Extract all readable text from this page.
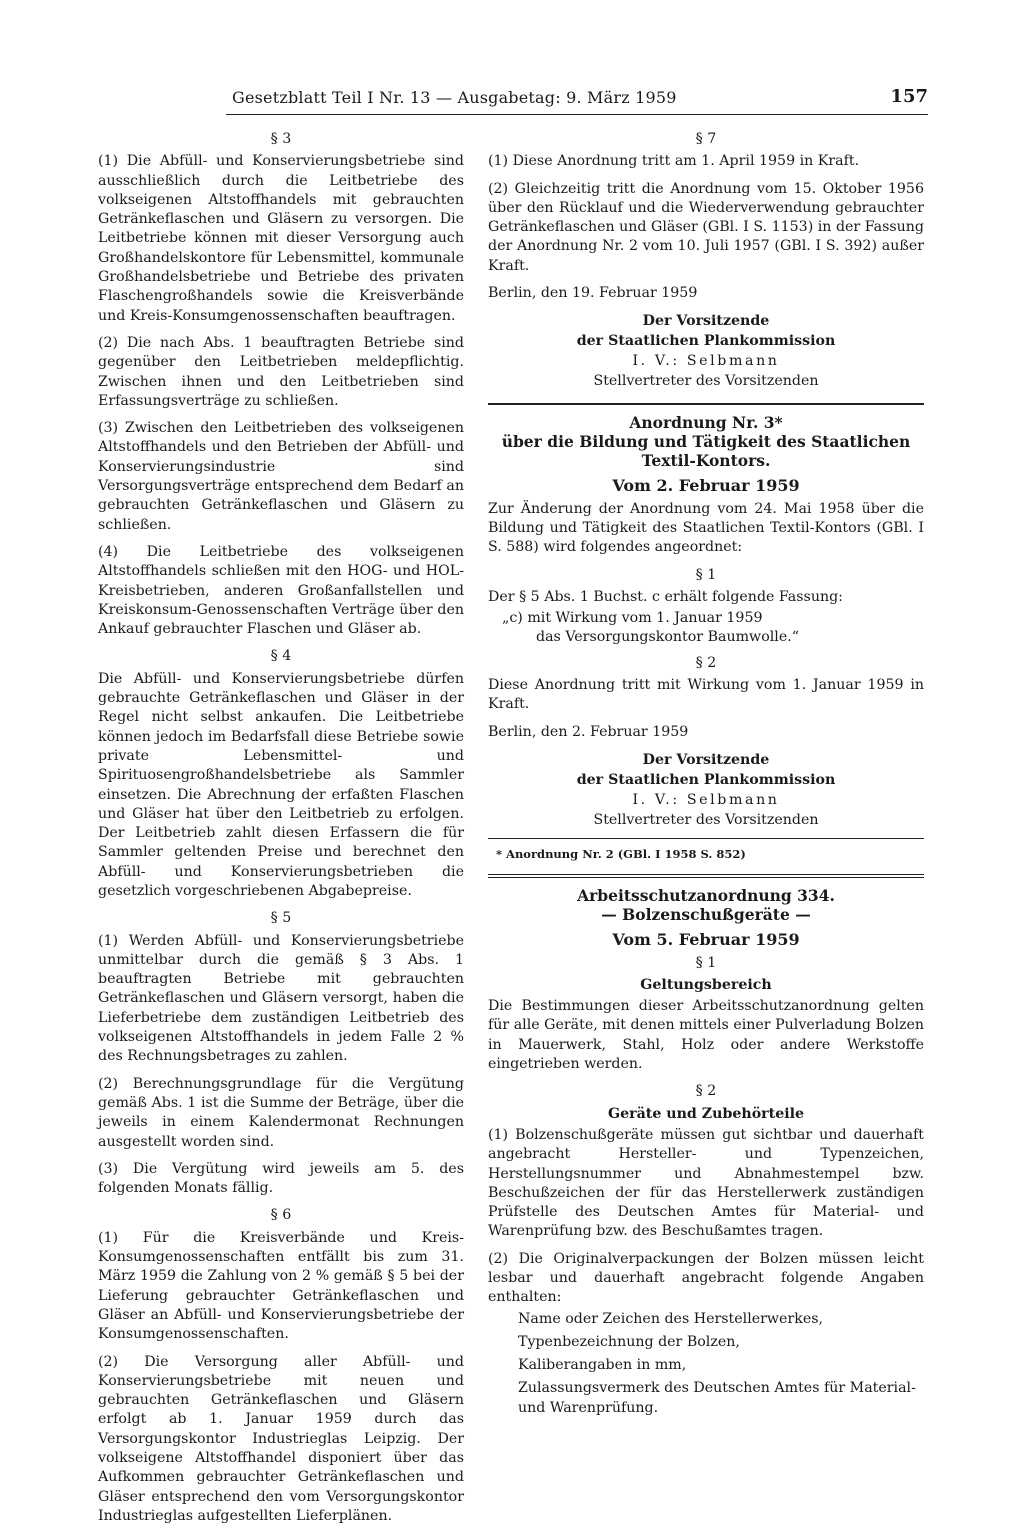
Gesetzblatt Teil I Nr. 13 — Ausgabetag: 9. März 1959	157
§ 3

(1) Die Abfüll- und Konservierungsbetriebe sind ausschließlich durch die Leitbetriebe des volkseigenen Altstoffhandels mit gebrauchten Getränkeflaschen und Gläsern zu versorgen. Die Leitbetriebe können mit dieser Versorgung auch Großhandelskontore für Lebensmittel, kommunale Großhandelsbetriebe und Betriebe des privaten Flaschengroßhandels sowie die Kreisverbände und Kreis-Konsumgenossenschaften beauftragen.

(2) Die nach Abs. 1 beauftragten Betriebe sind gegenüber den Leitbetrieben meldepflichtig. Zwischen ihnen und den Leitbetrieben sind Erfassungsverträge zu schließen.

(3) Zwischen den Leitbetrieben des volkseigenen Altstoffhandels und den Betrieben der Abfüll- und Konservierungsindustrie sind Versorgungsverträge entsprechend dem Bedarf an gebrauchten Getränkeflaschen und Gläsern zu schließen.

(4) Die Leitbetriebe des volkseigenen Altstoffhandels schließen mit den HOG- und HOL-Kreisbetrieben, anderen Großanfallstellen und Kreiskonsum-Genossenschaften Verträge über den Ankauf gebrauchter Flaschen und Gläser ab.

§ 4

Die Abfüll- und Konservierungsbetriebe dürfen gebrauchte Getränkeflaschen und Gläser in der Regel nicht selbst ankaufen. Die Leitbetriebe können jedoch im Bedarfsfall diese Betriebe sowie private Lebensmittel- und Spirituosengroßhandelsbetriebe als Sammler einsetzen. Die Abrechnung der erfaßten Flaschen und Gläser hat über den Leitbetrieb zu erfolgen. Der Leitbetrieb zahlt diesen Erfassern die für Sammler geltenden Preise und berechnet den Abfüll- und Konservierungsbetrieben die gesetzlich vorgeschriebenen Abgabepreise.

§ 5

(1) Werden Abfüll- und Konservierungsbetriebe unmittelbar durch die gemäß § 3 Abs. 1 beauftragten Betriebe mit gebrauchten Getränkeflaschen und Gläsern versorgt, haben die Lieferbetriebe dem zuständigen Leitbetrieb des volkseigenen Altstoffhandels in jedem Falle 2 % des Rechnungsbetrages zu zahlen.

(2) Berechnungsgrundlage für die Vergütung gemäß Abs. 1 ist die Summe der Beträge, über die jeweils in einem Kalendermonat Rechnungen ausgestellt worden sind.

(3) Die Vergütung wird jeweils am 5. des folgenden Monats fällig.

§ 6

(1) Für die Kreisverbände und Kreis-Konsumgenossenschaften entfällt bis zum 31. März 1959 die Zahlung von 2 % gemäß § 5 bei der Lieferung gebrauchter Getränkeflaschen und Gläser an Abfüll- und Konservierungsbetriebe der Konsumgenossenschaften.

(2) Die Versorgung aller Abfüll- und Konservierungsbetriebe mit neuen und gebrauchten Getränkeflaschen und Gläsern erfolgt ab 1. Januar 1959 durch das Versorgungskontor Industrieglas Leipzig. Der volkseigene Altstoffhandel disponiert über das Aufkommen gebrauchter Getränkeflaschen und Gläser entsprechend den vom Versorgungskontor Industrieglas aufgestellten Lieferplänen.

§ 7

(1) Diese Anordnung tritt am 1. April 1959 in Kraft.

(2) Gleichzeitig tritt die Anordnung vom 15. Oktober 1956 über den Rücklauf und die Wiederverwendung gebrauchter Getränkeflaschen und Gläser (GBl. I S. 1153) in der Fassung der Anordnung Nr. 2 vom 10. Juli 1957 (GBl. I S. 392) außer Kraft.

Berlin, den 19. Februar 1959

Der Vorsitzende
der Staatlichen Plankommission
I. V.: Selbmann
Stellvertreter des Vorsitzenden
Anordnung Nr. 3*
über die Bildung und Tätigkeit des Staatlichen Textil-Kontors.
Vom 2. Februar 1959

Zur Änderung der Anordnung vom 24. Mai 1958 über die Bildung und Tätigkeit des Staatlichen Textil-Kontors (GBl. I S. 588) wird folgendes angeordnet:

§ 1

Der § 5 Abs. 1 Buchst. c erhält folgende Fassung:

„c) mit Wirkung vom 1. Januar 1959
das Versorgungskontor Baumwolle.“
§ 2

Diese Anordnung tritt mit Wirkung vom 1. Januar 1959 in Kraft.

Berlin, den 2. Februar 1959

Der Vorsitzende
der Staatlichen Plankommission
I. V.: Selbmann
Stellvertreter des Vorsitzenden
* Anordnung Nr. 2 (GBl. I 1958 S. 852)
Arbeitsschutzanordnung 334.
— Bolzenschußgeräte —
Vom 5. Februar 1959
§ 1
Geltungsbereich

Die Bestimmungen dieser Arbeitsschutzanordnung gelten für alle Geräte, mit denen mittels einer Pulverladung Bolzen in Mauerwerk, Stahl, Holz oder andere Werkstoffe eingetrieben werden.

§ 2
Geräte und Zubehörteile

(1) Bolzenschußgeräte müssen gut sichtbar und dauerhaft angebracht Hersteller- und Typenzeichen, Herstellungsnummer und Abnahmestempel bzw. Beschußzeichen der für das Herstellerwerk zuständigen Prüfstelle des Deutschen Amtes für Material- und Warenprüfung bzw. des Beschußamtes tragen.

(2) Die Originalverpackungen der Bolzen müssen leicht lesbar und dauerhaft angebracht folgende Angaben enthalten:

Name oder Zeichen des Herstellerwerkes,
Typenbezeichnung der Bolzen,
Kaliberangaben in mm,
Zulassungsvermerk des Deutschen Amtes für Material- und Warenprüfung.
